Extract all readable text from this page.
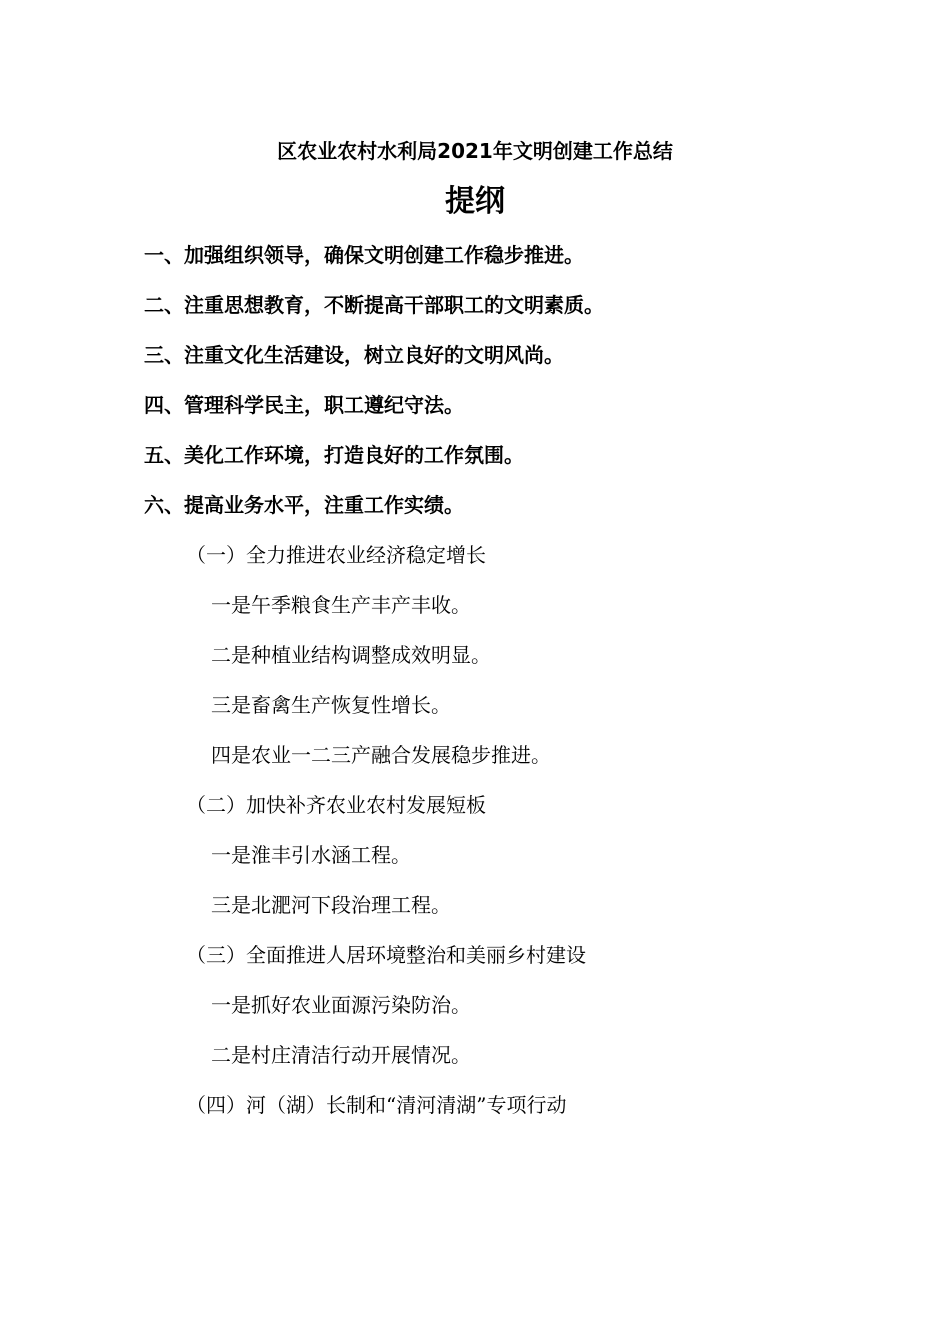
区农业农村水利局2021年文明创建工作总结
提纲
一、加强组织领导，确保文明创建工作稳步推进。
二、注重思想教育，不断提高干部职工的文明素质。
三、注重文化生活建设，树立良好的文明风尚。
四、管理科学民主，职工遵纪守法。
五、美化工作环境，打造良好的工作氛围。
六、提高业务水平，注重工作实绩。
（一）全力推进农业经济稳定增长
一是午季粮食生产丰产丰收。
二是种植业结构调整成效明显。
三是畜禽生产恢复性增长。
四是农业一二三产融合发展稳步推进。
（二）加快补齐农业农村发展短板
一是淮丰引水涵工程。
三是北淝河下段治理工程。
（三）全面推进人居环境整治和美丽乡村建设
一是抓好农业面源污染防治。
二是村庄清洁行动开展情况。
（四）河（湖）长制和“清河清湖”专项行动
